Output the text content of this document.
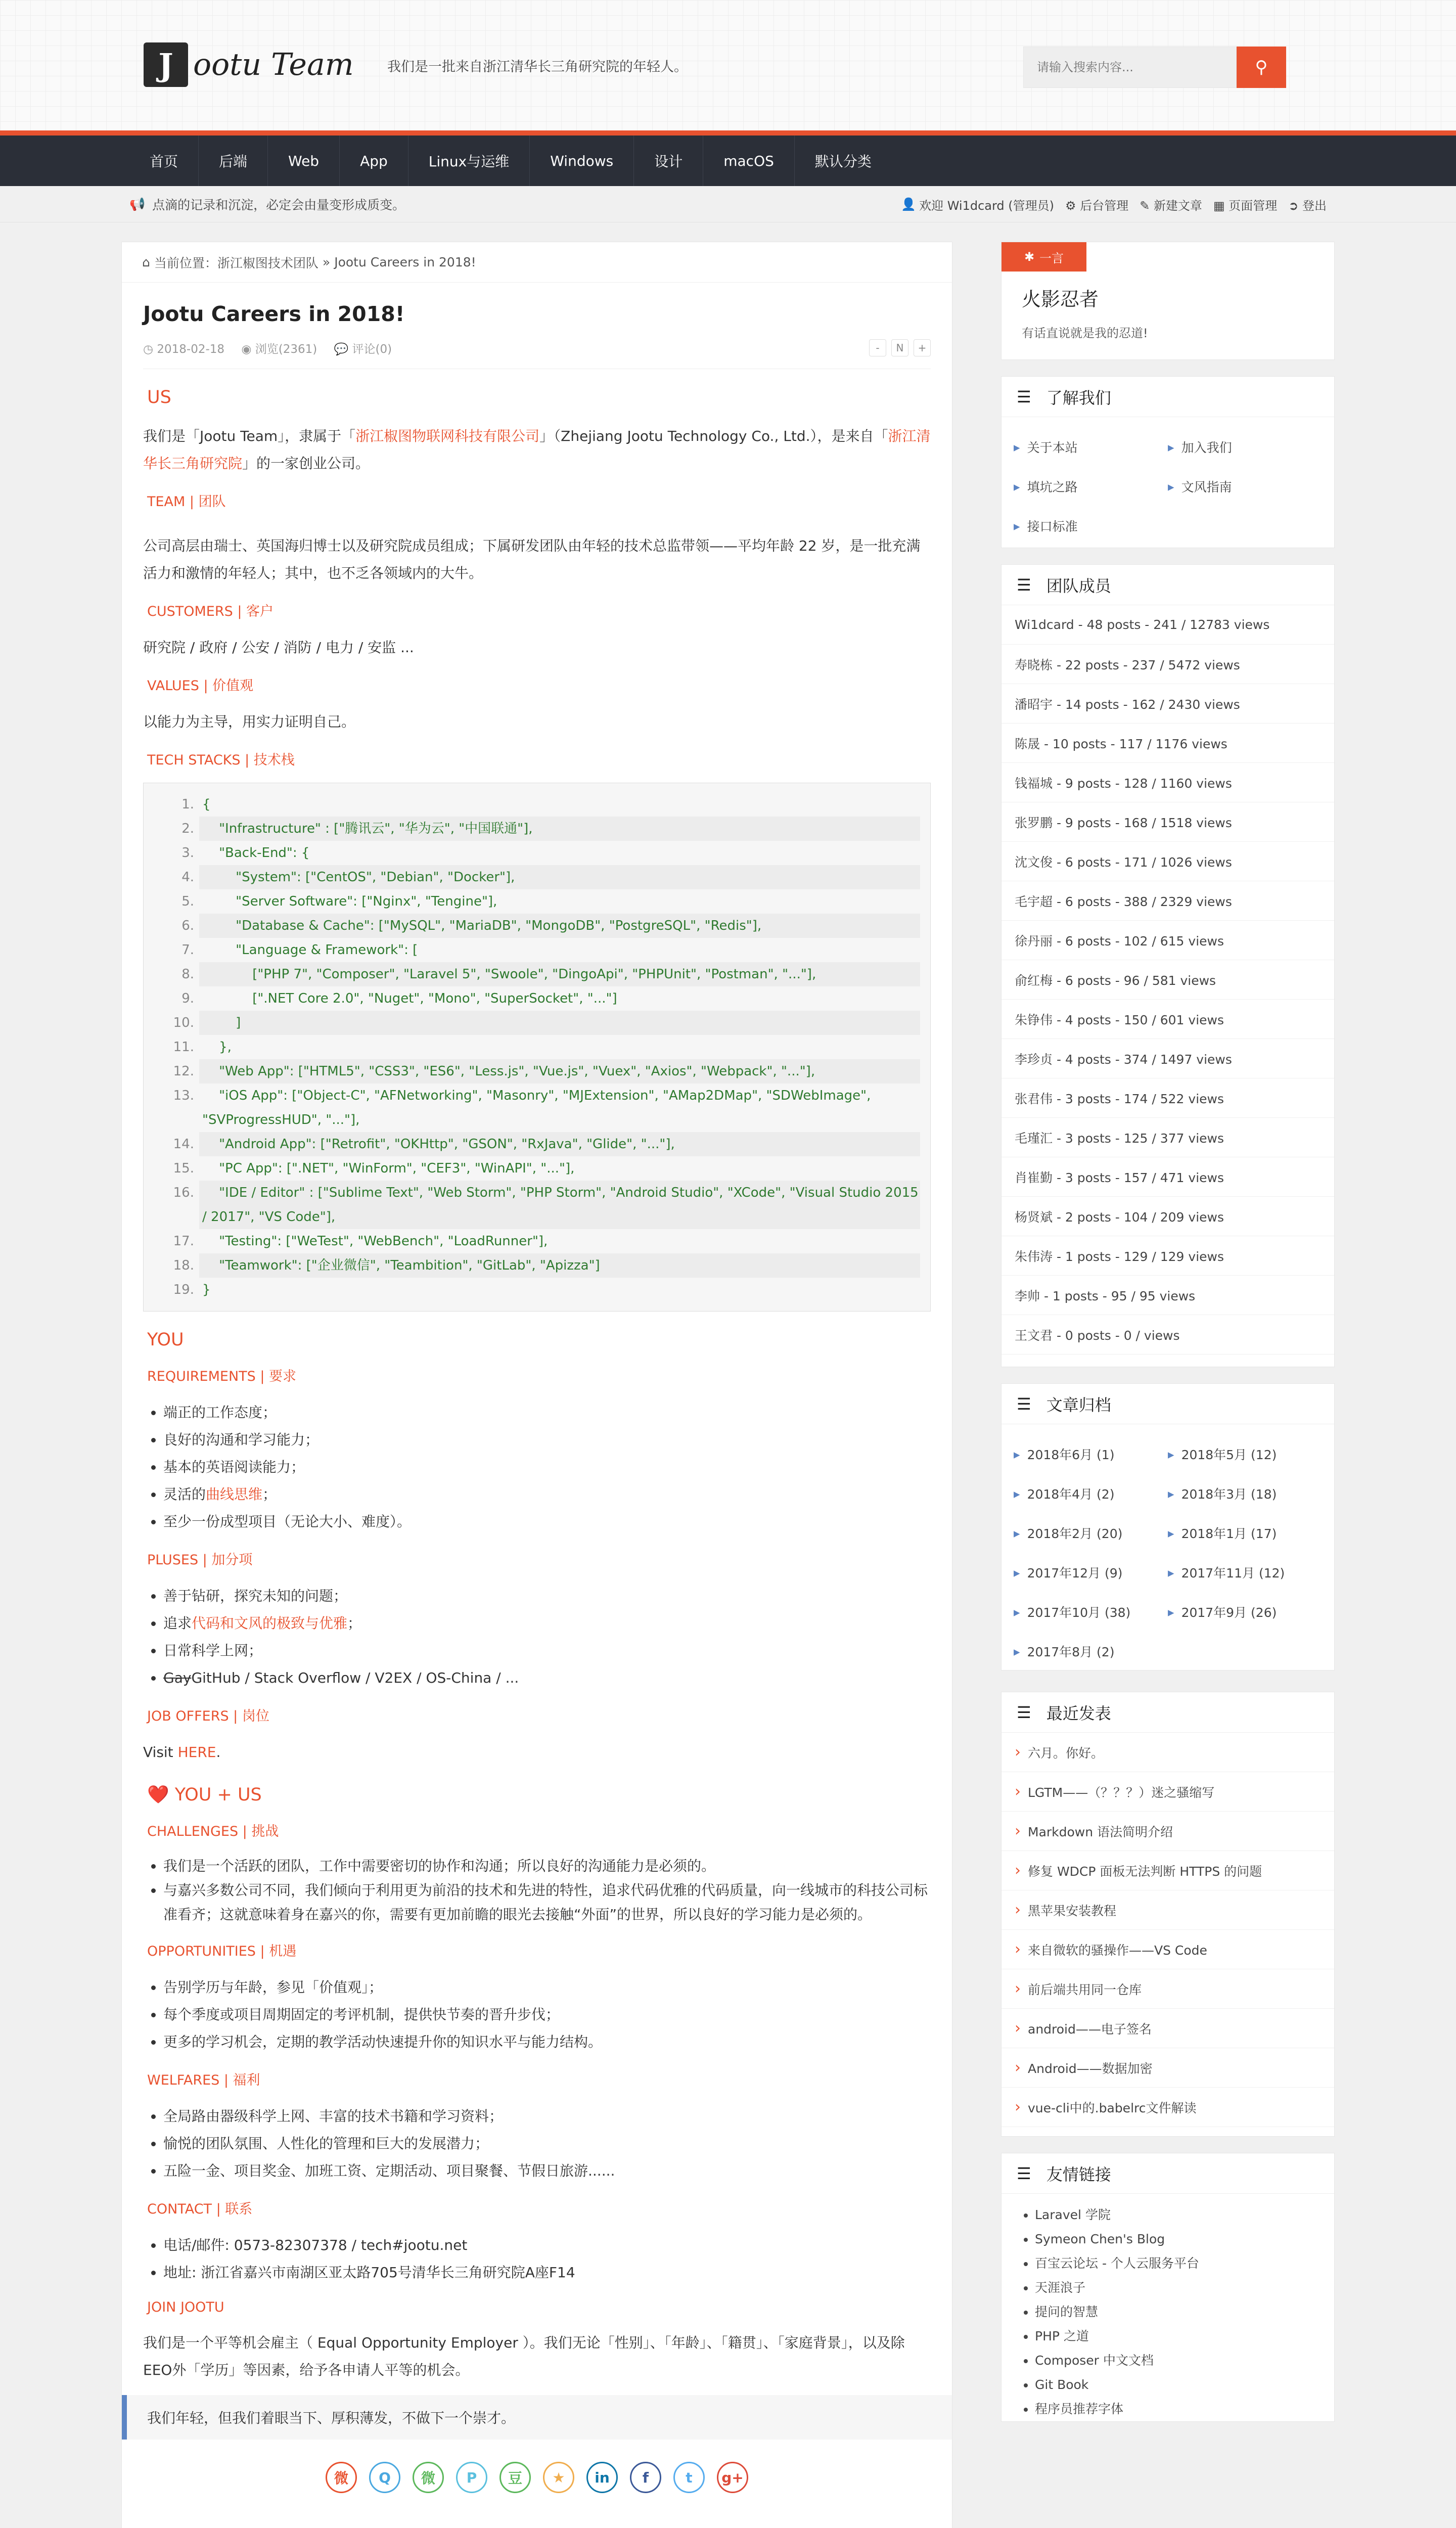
J ootu Team 我们是一批来自浙江清华长三角研究院的年轻人。
请输入搜索内容...	⚲
首页	后端	Web	App	Linux与运维	Windows	设计	macOS	默认分类
📢 点滴的记录和沉淀，必定会由量变形成质变。	👤 欢迎 Wi1dcard (管理员) ⚙ 后台管理 ✎ 新建文章 ▦ 页面管理 ➲ 登出
⌂ 当前位置： 浙江椒图技术团队 » Jootu Careers in 2018!
Jootu Careers in 2018!
◷ 2018-02-18 ◉ 浏览(2361) 💬 评论(0)	-	N	+
US
我们是「Jootu Team」，隶属于「浙江椒图物联网科技有限公司」（Zhejiang Jootu Technology Co., Ltd.），是来自「浙江清华长三角研究院」的一家创业公司。
TEAM | 团队
公司高层由瑞士、英国海归博士以及研究院成员组成；下属研发团队由年轻的技术总监带领——平均年龄 22 岁，是一批充满活力和激情的年轻人；其中，也不乏各领域内的大牛。
CUSTOMERS | 客户
研究院 / 政府 / 公安 / 消防 / 电力 / 安监 ...
VALUES | 价值观
以能力为主导，用实力证明自己。
TECH STACKS | 技术栈
1. {
2. "Infrastructure" : ["腾讯云", "华为云", "中国联通"],
3. "Back-End": {
4. "System": ["CentOS", "Debian", "Docker"],
5. "Server Software": ["Nginx", "Tengine"],
6. "Database & Cache": ["MySQL", "MariaDB", "MongoDB", "PostgreSQL", "Redis"],
7. "Language & Framework": [
8. ["PHP 7", "Composer", "Laravel 5", "Swoole", "DingoApi", "PHPUnit", "Postman", "..."],
9. [".NET Core 2.0", "Nuget", "Mono", "SuperSocket", "..."]
10. ]
11. },
12. "Web App": ["HTML5", "CSS3", "ES6", "Less.js", "Vue.js", "Vuex", "Axios", "Webpack", "..."],
13. "iOS App": ["Object-C", "AFNetworking", "Masonry", "MJExtension", "AMap2DMap", "SDWebImage", "SVProgressHUD", "..."],
14. "Android App": ["Retrofit", "OKHttp", "GSON", "RxJava", "Glide", "..."],
15. "PC App": [".NET", "WinForm", "CEF3", "WinAPI", "..."],
16. "IDE / Editor" : ["Sublime Text", "Web Storm", "PHP Storm", "Android Studio", "XCode", "Visual Studio 2015 / 2017", "VS Code"],
17. "Testing": ["WeTest", "WebBench", "LoadRunner"],
18. "Teamwork": ["企业微信", "Teambition", "GitLab", "Apizza"]
19. }
YOU
REQUIREMENTS | 要求
• 端正的工作态度；
• 良好的沟通和学习能力；
• 基本的英语阅读能力；
• 灵活的曲线思维；
• 至少一份成型项目（无论大小、难度）。
PLUSES | 加分项
• 善于钻研，探究未知的问题；
• 追求代码和文风的极致与优雅；
• 日常科学上网；
• GayGitHub / Stack Overflow / V2EX / OS-China / ...
JOB OFFERS | 岗位
Visit HERE.
❤️ YOU + US
CHALLENGES | 挑战
• 我们是一个活跃的团队，工作中需要密切的协作和沟通；所以良好的沟通能力是必须的。
• 与嘉兴多数公司不同，我们倾向于利用更为前沿的技术和先进的特性，追求代码优雅的代码质量，向一线城市的科技公司标准看齐；这就意味着身在嘉兴的你，需要有更加前瞻的眼光去接触“外面”的世界，所以良好的学习能力是必须的。
OPPORTUNITIES | 机遇
• 告别学历与年龄，参见「价值观」；
• 每个季度或项目周期固定的考评机制，提供快节奏的晋升步伐；
• 更多的学习机会，定期的教学活动快速提升你的知识水平与能力结构。
WELFARES | 福利
• 全局路由器级科学上网、丰富的技术书籍和学习资料；
• 愉悦的团队氛围、人性化的管理和巨大的发展潜力；
• 五险一金、项目奖金、加班工资、定期活动、项目聚餐、节假日旅游......
CONTACT | 联系
• 电话/邮件: 0573-82307378 / tech#jootu.net
• 地址: 浙江省嘉兴市南湖区亚太路705号清华长三角研究院A座F14
JOIN JOOTU
我们是一个平等机会雇主（ Equal Opportunity Employer ）。我们无论「性别」、「年龄」、「籍贯」、「家庭背景」，以及除EEO外「学历」等因素，给予各申请人平等的机会。
我们年轻，但我们着眼当下、厚积薄发，不做下一个崇才。
微	Q	微	P	豆	★	in	f	t	g+
✱ 一言
火影忍者
有话直说就是我的忍道!
☰ 了解我们
▸ 关于本站	▸ 加入我们
▸ 填坑之路	▸ 文风指南
▸ 接口标准
☰ 团队成员
Wi1dcard - 48 posts - 241 / 12783 views
寿晓栋 - 22 posts - 237 / 5472 views
潘昭宇 - 14 posts - 162 / 2430 views
陈晟 - 10 posts - 117 / 1176 views
钱福城 - 9 posts - 128 / 1160 views
张罗鹏 - 9 posts - 168 / 1518 views
沈文俊 - 6 posts - 171 / 1026 views
毛宇超 - 6 posts - 388 / 2329 views
徐丹丽 - 6 posts - 102 / 615 views
俞红梅 - 6 posts - 96 / 581 views
朱铮伟 - 4 posts - 150 / 601 views
李珍贞 - 4 posts - 374 / 1497 views
张君伟 - 3 posts - 174 / 522 views
毛瑾汇 - 3 posts - 125 / 377 views
肖崔勤 - 3 posts - 157 / 471 views
杨贤斌 - 2 posts - 104 / 209 views
朱伟涛 - 1 posts - 129 / 129 views
李帅 - 1 posts - 95 / 95 views
王文君 - 0 posts - 0 / views
☰ 文章归档
▸ 2018年6月 (1)	▸ 2018年5月 (12)
▸ 2018年4月 (2)	▸ 2018年3月 (18)
▸ 2018年2月 (20)	▸ 2018年1月 (17)
▸ 2017年12月 (9)	▸ 2017年11月 (12)
▸ 2017年10月 (38)	▸ 2017年9月 (26)
▸ 2017年8月 (2)
☰ 最近发表
› 六月。你好。
› LGTM——（？？？）迷之骚缩写
› Markdown 语法简明介绍
› 修复 WDCP 面板无法判断 HTTPS 的问题
› 黑苹果安装教程
› 来自微软的骚操作——VS Code
› 前后端共用同一仓库
› android——电子签名
› Android——数据加密
› vue-cli中的.babelrc文件解读
☰ 友情链接
• Laravel 学院
• Symeon Chen's Blog
• 百宝云论坛 - 个人云服务平台
• 天涯浪子
• 提问的智慧
• PHP 之道
• Composer 中文文档
• Git Book
• 程序员推荐字体
